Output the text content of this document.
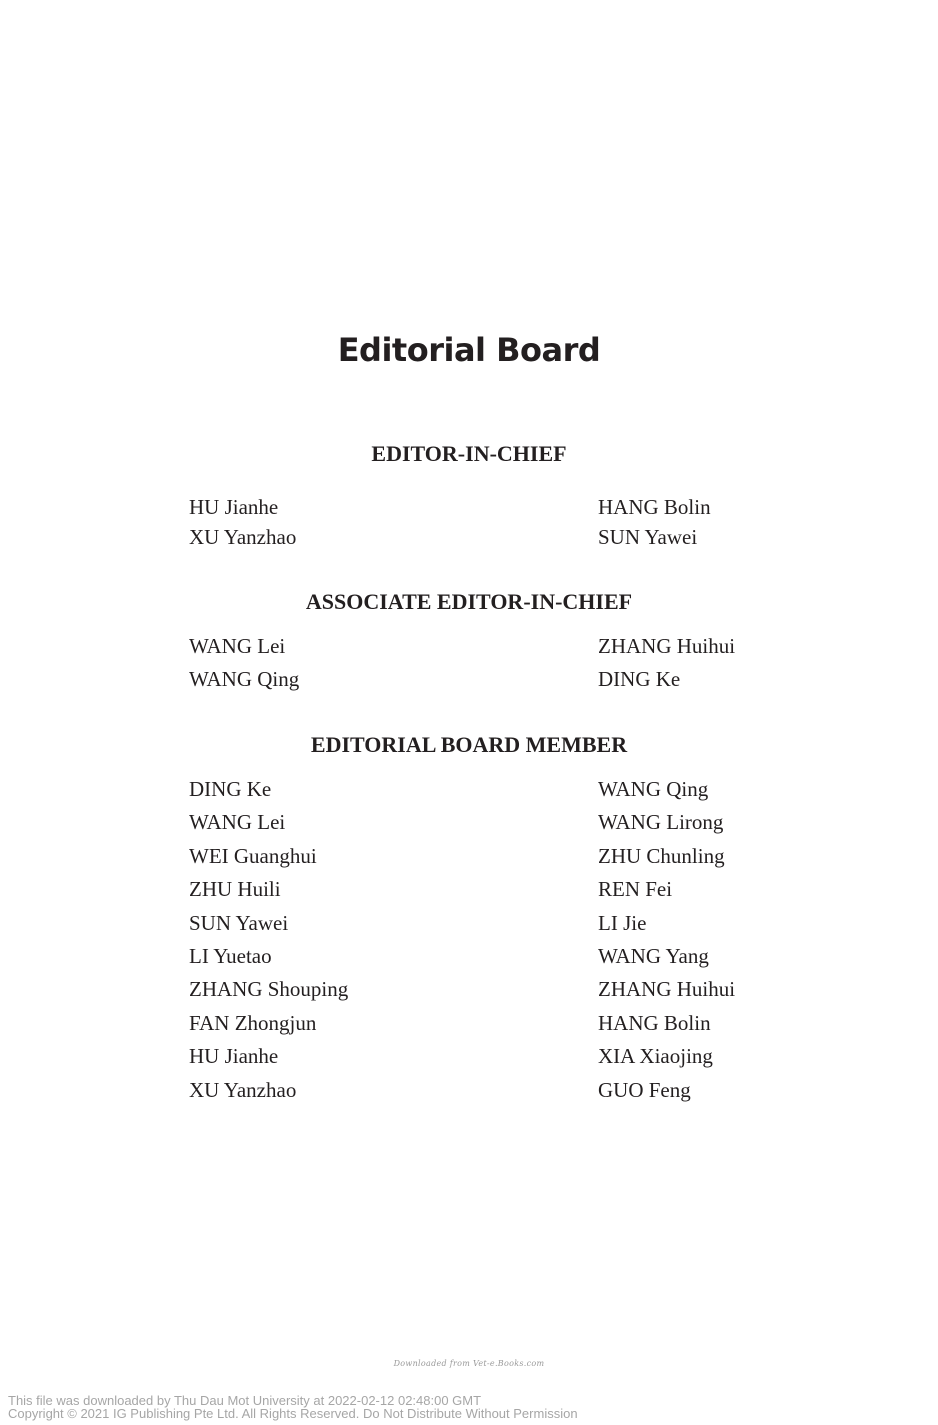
Editorial Board
EDITOR-IN-CHIEF
HU Jianhe	HANG Bolin
XU Yanzhao	SUN Yawei
ASSOCIATE EDITOR-IN-CHIEF
WANG Lei	ZHANG Huihui
WANG Qing	DING Ke
EDITORIAL BOARD MEMBER
DING Ke	WANG Qing
WANG Lei	WANG Lirong
WEI Guanghui	ZHU Chunling
ZHU Huili	REN Fei
SUN Yawei	LI Jie
LI Yuetao	WANG Yang
ZHANG Shouping	ZHANG Huihui
FAN Zhongjun	HANG Bolin
HU Jianhe	XIA Xiaojing
XU Yanzhao	GUO Feng
Downloaded from Vet-e.Books.com
This file was downloaded by Thu Dau Mot University at 2022-02-12 02:48:00 GMT
Copyright © 2021 IG Publishing Pte Ltd. All Rights Reserved. Do Not Distribute Without Permission
